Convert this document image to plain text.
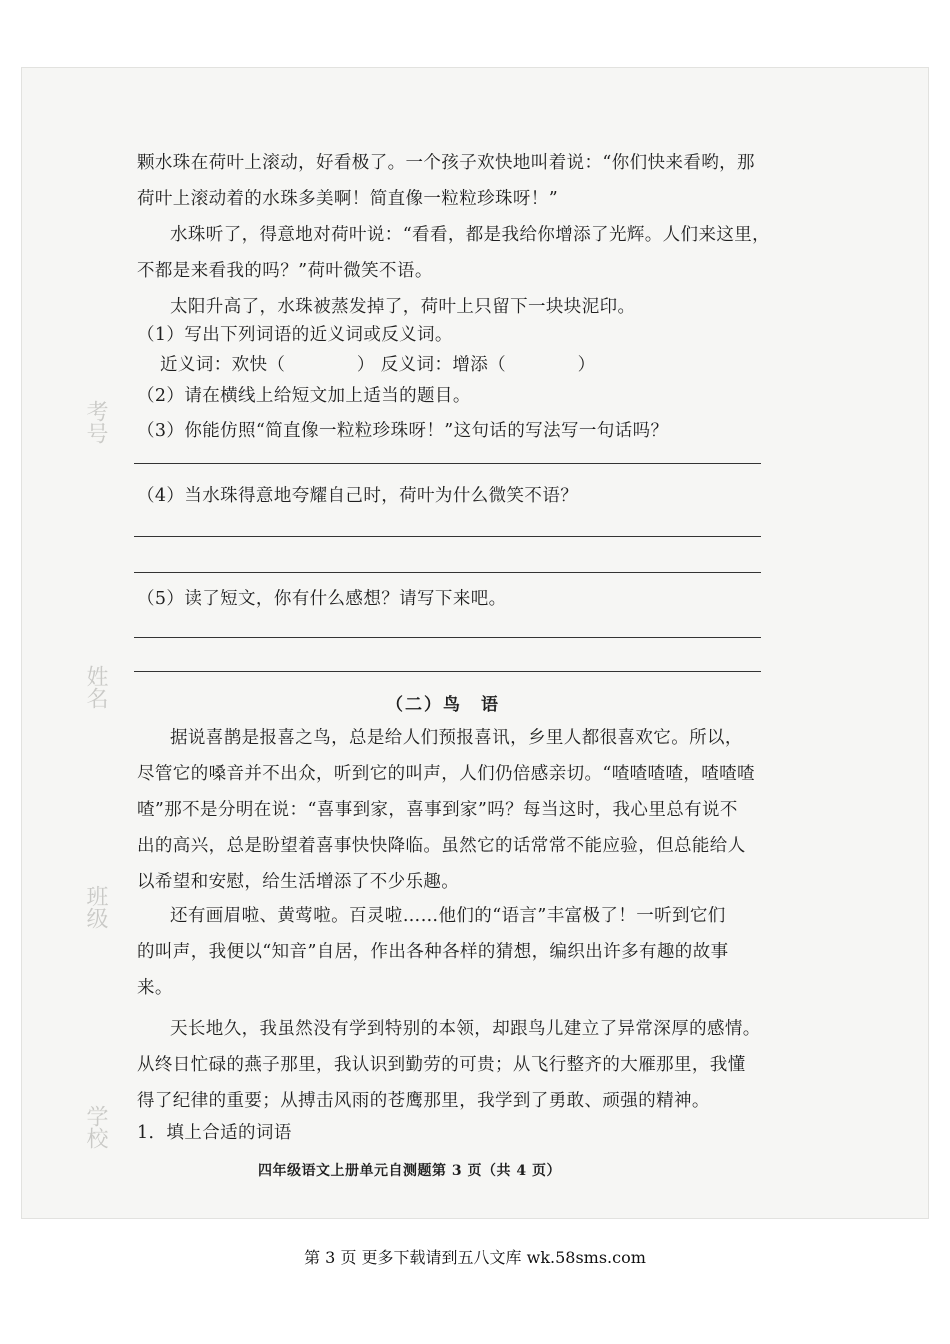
考号
姓名
班级
学校
颗水珠在荷叶上滚动，好看极了。一个孩子欢快地叫着说：“你们快来看哟，那
荷叶上滚动着的水珠多美啊！简直像一粒粒珍珠呀！”
水珠听了，得意地对荷叶说：“看看，都是我给你增添了光辉。人们来这里，
不都是来看我的吗？”荷叶微笑不语。
太阳升高了，水珠被蒸发掉了，荷叶上只留下一块块泥印。
（1）写出下列词语的近义词或反义词。
近义词：欢快（　　　　） 反义词：增添（　　　　）
（2）请在横线上给短文加上适当的题目。
（3）你能仿照“简直像一粒粒珍珠呀！”这句话的写法写一句话吗？
（4）当水珠得意地夸耀自己时，荷叶为什么微笑不语？
（5）读了短文，你有什么感想？请写下来吧。
（二）鸟　语
据说喜鹊是报喜之鸟，总是给人们预报喜讯，乡里人都很喜欢它。所以，
尽管它的嗓音并不出众，听到它的叫声，人们仍倍感亲切。“喳喳喳喳，喳喳喳
喳”那不是分明在说：“喜事到家，喜事到家”吗？每当这时，我心里总有说不
出的高兴，总是盼望着喜事快快降临。虽然它的话常常不能应验，但总能给人
以希望和安慰，给生活增添了不少乐趣。
还有画眉啦、黄莺啦。百灵啦……他们的“语言”丰富极了！一听到它们
的叫声，我便以“知音”自居，作出各种各样的猜想，编织出许多有趣的故事
来。
天长地久，我虽然没有学到特别的本领，却跟鸟儿建立了异常深厚的感情。
从终日忙碌的燕子那里，我认识到勤劳的可贵；从飞行整齐的大雁那里，我懂
得了纪律的重要；从搏击风雨的苍鹰那里，我学到了勇敢、顽强的精神。
1．填上合适的词语
四年级语文上册单元自测题第 3 页（共 4 页）
第 3 页 更多下载请到五八文库 wk.58sms.com
